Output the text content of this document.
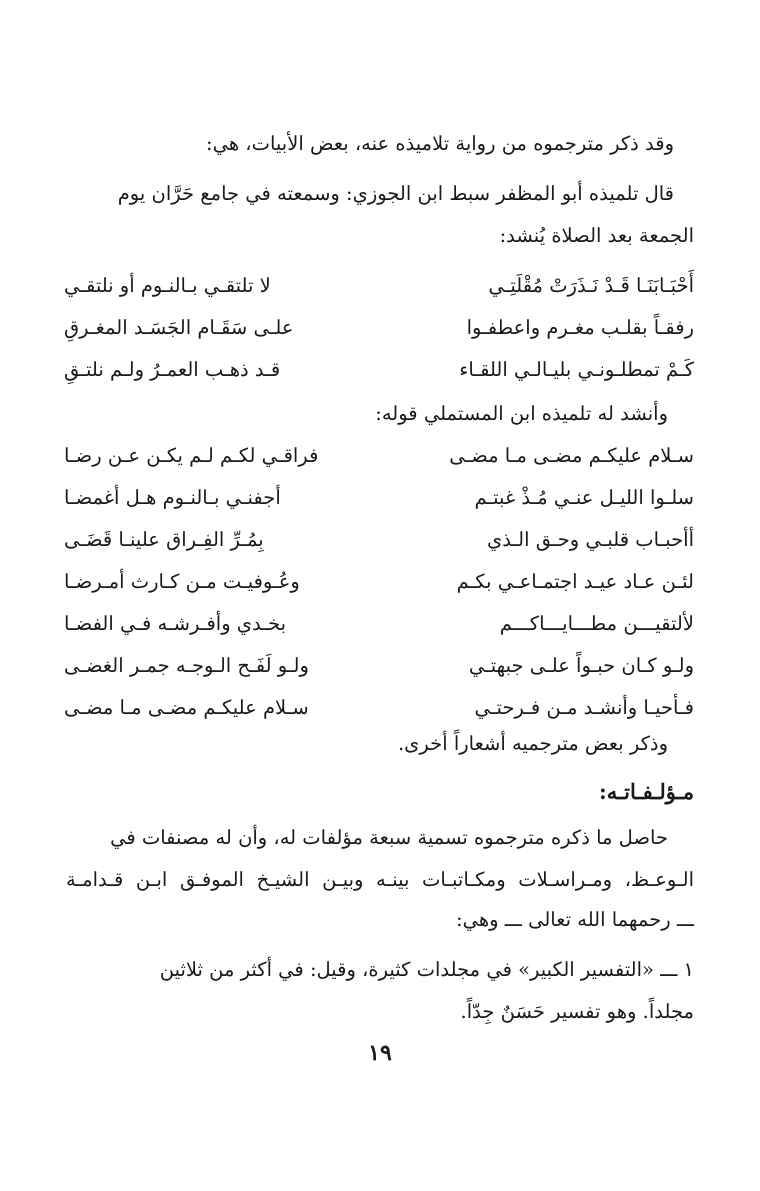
وقد ذكر مترجموه من رواية تلاميذه عنه، بعض الأبيات، هي:
قال تلميذه أبو المظفر سبط ابن الجوزي: وسمعته في جامع حَرَّان يوم
الجمعة بعد الصلاة يُنشد:
أَحْبَـابَنَـا قَـدْ نَـذَرَتْ مُقْلَتِـي
لا تلتقـي بـالنـوم أو نلتقـي
رفقـاً بقلـب مغـرم واعطفـوا
علـى سَقَـام الجَسَـد المغـرقِ
كَـمْ تمطلـونـي بليـالـي اللقـاء
قـد ذهـب العمـرُ ولـم نلتـقِ
وأنشد له تلميذه ابن المستملي قوله:
سـلام عليكـم مضـى مـا مضـى
فراقـي لكـم لـم يكـن عـن رضـا
سلـوا الليـل عنـي مُـذْ غبتـم
أجفنـي بـالنـوم هـل أغمضـا
أأحبـاب قلبـي وحـق الـذي
بِمُـرِّ الفِـراق علينـا قَضَـى
لئـن عـاد عيـد اجتمـاعـي بكـم
وعُـوفيـت مـن كـارث أمـرضـا
لألتقيـــن مطـــايـــاكـــم
بخـدي وأفـرشـه فـي الفضـا
ولـو كـان حبـواً علـى جبهتـي
ولـو لَفَـح الـوجـه جمـر الغضـى
فـأحيـا وأنشـد مـن فـرحتـي
سـلام عليكـم مضـى مـا مضـى
وذكر بعض مترجميه أشعاراً أخرى.
مـؤلـفـاتـه:
حاصل ما ذكره مترجموه تسمية سبعة مؤلفات له، وأن له مصنفات في
الـوعـظ، ومـراسـلات ومكـاتبـات بينـه وبيـن الشيـخ الموفـق ابـن قـدامـة
ـــ رحمهما الله تعالى ـــ وهي:
١ ـــ «التفسير الكبير» في مجلدات كثيرة، وقيل: في أكثر من ثلاثين
مجلداً. وهو تفسير حَسَنٌ جِدّاً.
١٩
